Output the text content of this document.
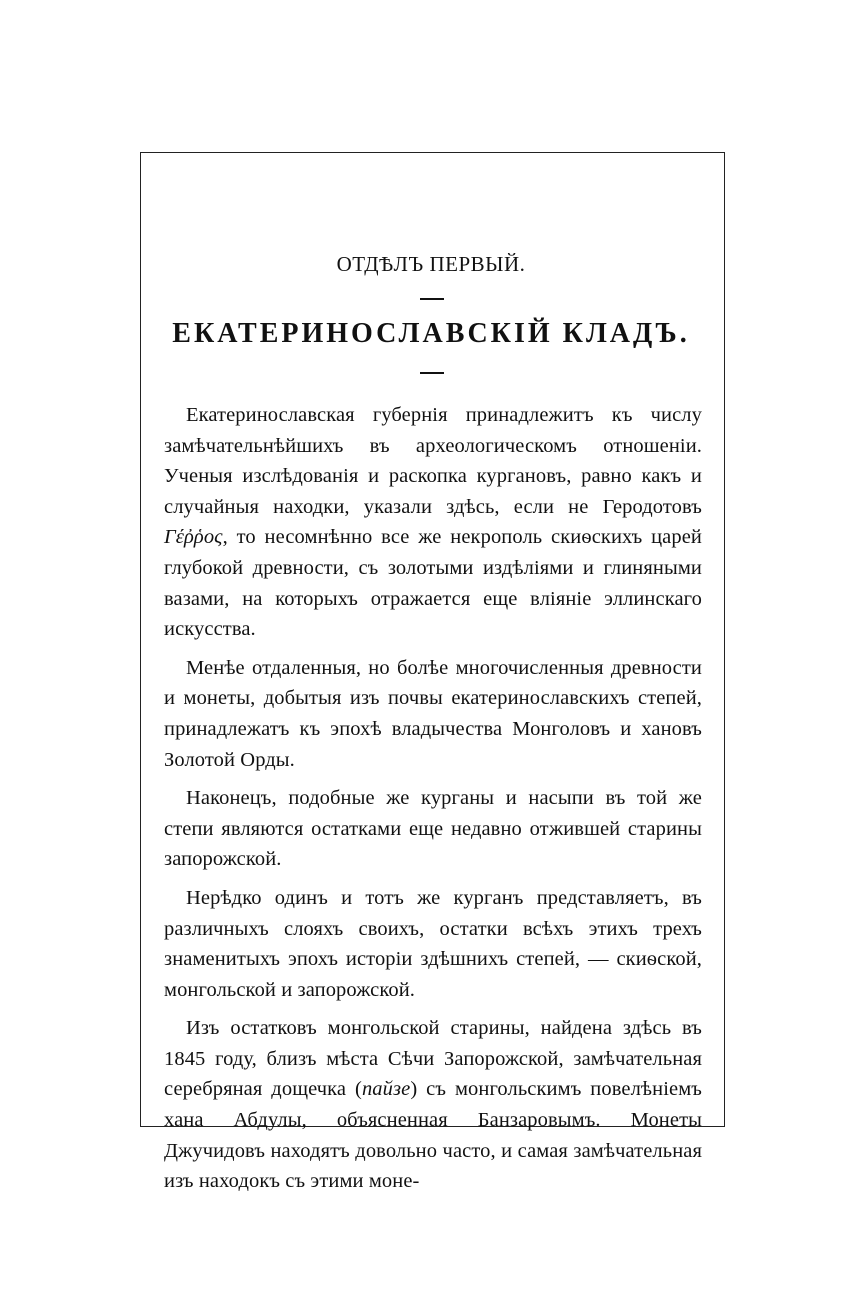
ОТДѢЛЪ ПЕРВЫЙ.
ЕКАТЕРИНОСЛАВСКІЙ КЛАДЪ.

Екатеринославская губернія принадлежитъ къ числу замѣчательнѣйшихъ въ археологическомъ отношеніи. Ученыя изслѣдованія и раскопка кургановъ, равно какъ и случайныя находки, указали здѣсь, если не Геродотовъ Γέῤῥος, то несомнѣнно все же некрополь скиѳскихъ царей глубокой древности, съ золотыми издѣліями и глиняными вазами, на которыхъ отражается еще вліяніе эллинскаго искусства.

Менѣе отдаленныя, но болѣе многочисленныя древности и монеты, добытыя изъ почвы екатеринославскихъ степей, принадлежатъ къ эпохѣ владычества Монголовъ и хановъ Золотой Орды.

Наконецъ, подобные же курганы и насыпи въ той же степи являются остатками еще недавно отжившей старины запорожской.

Нерѣдко одинъ и тотъ же курганъ представляетъ, въ различныхъ слояхъ своихъ, остатки всѣхъ этихъ трехъ знаменитыхъ эпохъ исторіи здѣшнихъ степей, — скиѳской, монгольской и запорожской.

Изъ остатковъ монгольской старины, найдена здѣсь въ 1845 году, близъ мѣста Сѣчи Запорожской, замѣчательная серебряная дощечка (пайзе) съ монгольскимъ повелѣніемъ хана Абдулы, объясненная Банзаровымъ. Монеты Джучидовъ находятъ довольно часто, и самая замѣчательная изъ находокъ съ этими моне-
